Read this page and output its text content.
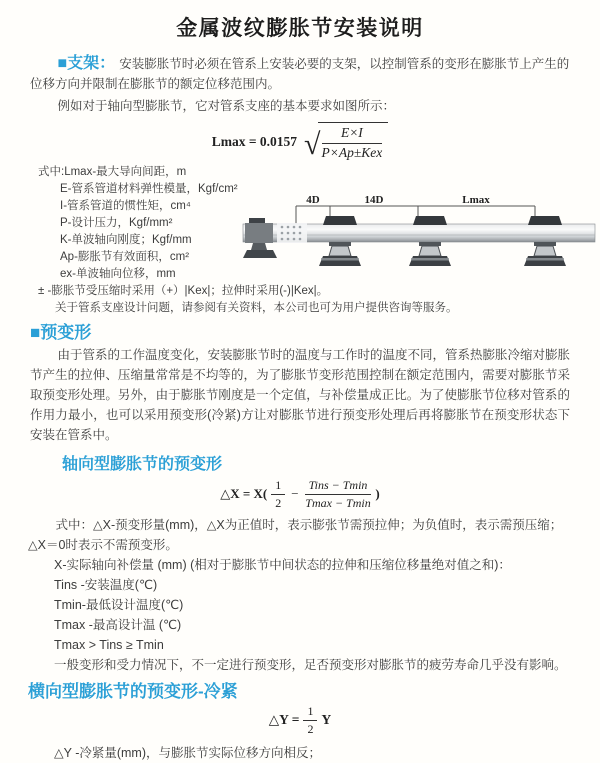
金属波纹膨胀节安装说明

■支架： 安装膨胀节时必须在管系上安装必要的支架，以控制管系的变形在膨胀节上产生的位移方向并限制在膨胀节的额定位移范围内。

例如对于轴向型膨胀节，它对管系支座的基本要求如图所示：

Lmax = 0.0157 √ $\frac{E\times I}{\text{P×Ap±Kex}}$
式中:Lmax-最大导向间距，m
E-管系管道材料弹性模量，Kgf/cm²
I-管系管道的惯性矩，cm⁴
P-设计压力，Kgf/mm²
K-单波轴向刚度；Kgf/mm
Ap-膨胀节有效面积，cm²
ex-单波轴向位移，mm
± -膨胀节受压缩时采用（+）|Kex|；拉伸时采用(-)|Kex|。
关于管系支座设计问题，请参阅有关资料，本公司也可为用户提供咨询等服务。
4D	14D	Lmax
■预变形

由于管系的工作温度变化，安装膨胀节时的温度与工作时的温度不同，管系热膨胀冷缩对膨胀节产生的拉伸、压缩量常常是不均等的，为了膨胀节变形范围控制在额定范围内，需要对膨胀节采取预变形处理。另外，由于膨胀节刚度是一个定值，与补偿量成正比。为了使膨胀节位移对管系的作用力最小，也可以采用预变形(冷紧)方让对膨胀节进行预变形处理后再将膨胀节在预变形状态下安装在管系中。

轴向型膨胀节的预变形
△X = $X( \frac{1}{2} - \frac{\text{Tins − Tmin}}{Tmax - Tmin}$ )

式中：△X-预变形量(mm)，△X为正值时，表示膨张节需预拉伸；为负值时，表示需预压缩；△X＝0时表示不需预变形。

X-实际轴向补偿量 (mm) (相对于膨胀节中间状态的拉伸和压缩位移量绝对值之和)：
Tins -安装温度(℃)
Tmin-最低设计温度(℃)
Tmax -最高设计温 (℃)
Tmax > Tins ≥ Tmin
一般变形和受力情况下，不一定进行预变形，足否预变形对膨胀节的疲劳寿命几乎没有影响。
横向型膨胀节的预变形-冷紧
△Y = $\frac{1}{2}$ Y
△Y -冷紧量(mm)，与膨胀节实际位移方向相反；
